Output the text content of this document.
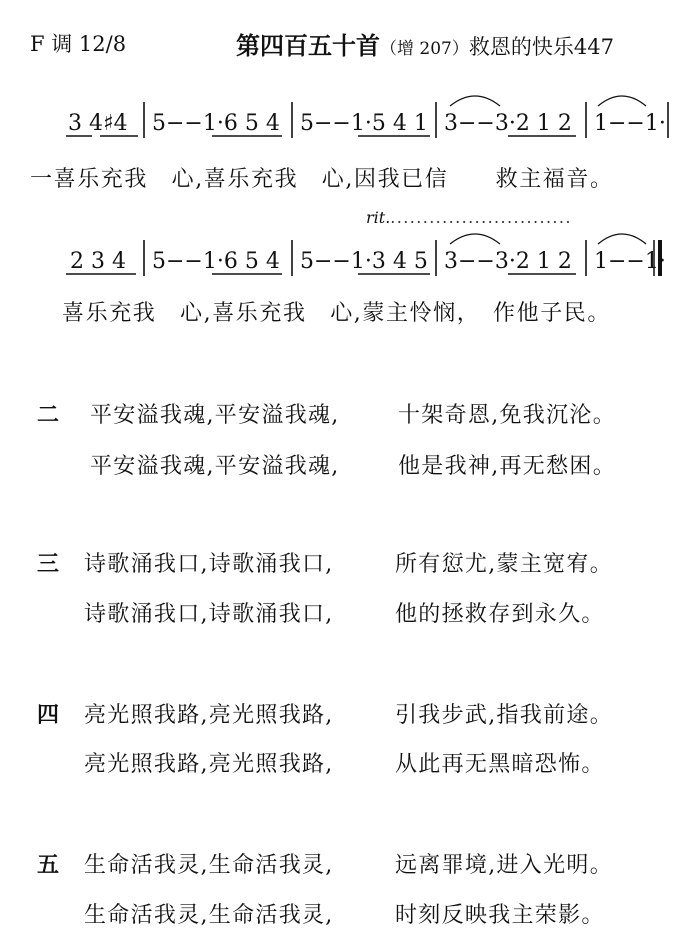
F 调 12/8	第四百五十首（增 207）救恩的快乐447
3 4♯4 5−−1·6 5 4 5−−1·5 4 1 3−−3·2 1 2 1−−1·
2 3 4 5−−1·6 5 4 5−−1·3 4 5 3−−3·2 1 2 1−−1·
一喜乐充我　心,喜乐充我　心,因我已信　　救主福音。
rit.............................
喜乐充我　心,喜乐充我　心,蒙主怜悯，　作他子民。
二 平安溢我魂,平安溢我魂,	十架奇恩,免我沉沦。
平安溢我魂,平安溢我魂,	他是我神,再无愁困。
三 诗歌涌我口,诗歌涌我口,	所有愆尤,蒙主宽宥。
诗歌涌我口,诗歌涌我口,	他的拯救存到永久。
四 亮光照我路,亮光照我路,	引我步武,指我前途。
亮光照我路,亮光照我路,	从此再无黑暗恐怖。
五 生命活我灵,生命活我灵,	远离罪境,进入光明。
生命活我灵,生命活我灵,	时刻反映我主荣影。
